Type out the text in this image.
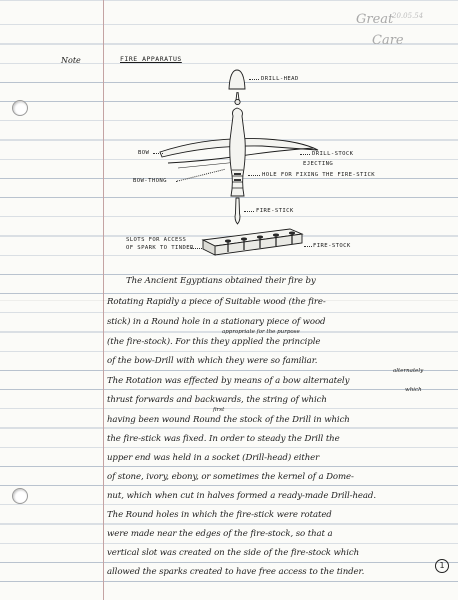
Great
Care
20.05.54
Note	FIRE APPARATUS
DRILL-HEAD
BOW	DRILL-STOCK
EJECTING
BOW-THONG
HOLE FOR FIXING THE FIRE-STICK
FIRE-STICK
SLOTS FOR ACCESS
OF SPARK TO TINDER	FIRE-STOCK
The Ancient Egyptians obtained their fire by
Rotating Rapidly a piece of Suitable wood (the fire-
stick) in a Round hole in a stationary piece of wood
appropriate for the purpose
(the fire-stock). For this they applied the principle
of the bow-Drill with which they were so familiar.
alternately
The Rotation was effected by means of a bow alternately
which
thrust forwards and backwards, the string of which
first
having been wound Round the stock of the Drill in which
the fire-stick was fixed. In order to steady the Drill the
upper end was held in a socket (Drill-head) either
of stone, ivory, ebony, or sometimes the kernel of a Dome-
nut, which when cut in halves formed a ready-made Drill-head.
The Round holes in which the fire-stick were rotated
were made near the edges of the fire-stock, so that a
vertical slot was created on the side of the fire-stock which
allowed the sparks created to have free access to the tinder.
1
